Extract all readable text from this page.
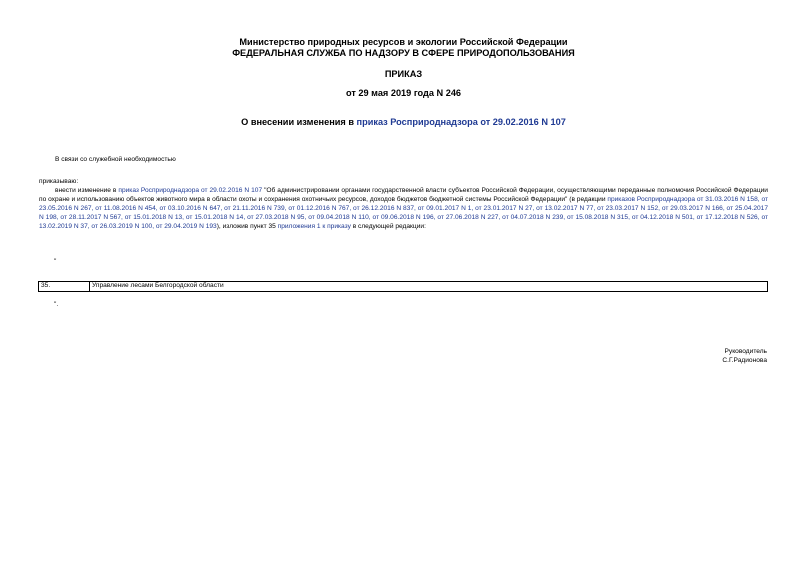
Министерство природных ресурсов и экологии Российской Федерации
ФЕДЕРАЛЬНАЯ СЛУЖБА ПО НАДЗОРУ В СФЕРЕ ПРИРОДОПОЛЬЗОВАНИЯ
ПРИКАЗ
от 29 мая 2019 года N 246
О внесении изменения в приказ Росприроднадзора от 29.02.2016 N 107
В связи со служебной необходимостью
приказываю:
внести изменение в приказ Росприроднадзора от 29.02.2016 N 107 "Об администрировании органами государственной власти субъектов Российской Федерации, осуществляющими переданные полномочия Российской Федерации по охране и использованию объектов животного мира в области охоты и сохранения охотничьих ресурсов, доходов бюджетов бюджетной системы Российской Федерации" (в редакции приказов Росприроднадзора от 31.03.2016 N 158, от 23.05.2016 N 267, от 11.08.2016 N 454, от 03.10.2016 N 647, от 21.11.2016 N 739, от 01.12.2016 N 767, от 26.12.2016 N 837, от 09.01.2017 N 1, от 23.01.2017 N 27, от 13.02.2017 N 77, от 23.03.2017 N 152, от 29.03.2017 N 166, от 25.04.2017 N 198, от 28.11.2017 N 567, от 15.01.2018 N 13, от 15.01.2018 N 14, от 27.03.2018 N 95, от 09.04.2018 N 110, от 09.06.2018 N 196, от 27.06.2018 N 227, от 04.07.2018 N 239, от 15.08.2018 N 315, от 04.12.2018 N 501, от 17.12.2018 N 526, от 13.02.2019 N 37, от 26.03.2019 N 100, от 29.04.2019 N 193), изложив пункт 35 приложения 1 к приказу в следующей редакции:
"
35.	Управление лесами Белгородской области
".
Руководитель
С.Г.Радионова
